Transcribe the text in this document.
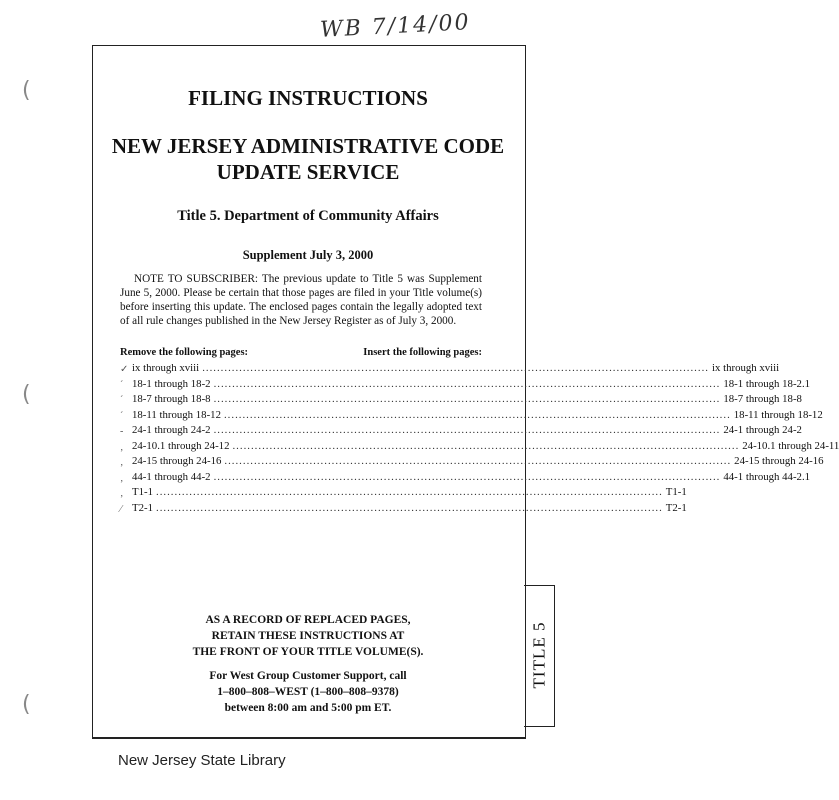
WB 7/14/00
(
(
(
FILING INSTRUCTIONS
NEW JERSEY ADMINISTRATIVE CODE
UPDATE SERVICE
Title 5. Department of Community Affairs
Supplement July 3, 2000
NOTE TO SUBSCRIBER: The previous update to Title 5 was Supplement June 5, 2000. Please be certain that those pages are filed in your Title volume(s) before inserting this update. The enclosed pages contain the legally adopted text of all rule changes published in the New Jersey Register as of July 3, 2000.
Remove the following pages:	Insert the following pages:
✓ ix through xviii ......................................................................................................................................... ix through xviii
´ 18-1 through 18-2 ......................................................................................................................................... 18-1 through 18-2.1
´ 18-7 through 18-8 ......................................................................................................................................... 18-7 through 18-8
´ 18-11 through 18-12 ......................................................................................................................................... 18-11 through 18-12
- 24-1 through 24-2 ......................................................................................................................................... 24-1 through 24-2
‚ 24-10.1 through 24-12 ......................................................................................................................................... 24-10.1 through 24-11
‚ 24-15 through 24-16 ......................................................................................................................................... 24-15 through 24-16
‚ 44-1 through 44-2 ......................................................................................................................................... 44-1 through 44-2.1
‚ T1-1 ......................................................................................................................................... T1-1
⁄ T2-1 ......................................................................................................................................... T2-1
AS A RECORD OF REPLACED PAGES,
RETAIN THESE INSTRUCTIONS AT
THE FRONT OF YOUR TITLE VOLUME(S).
For West Group Customer Support, call
1–800–808–WEST (1–800–808–9378)
between 8:00 am and 5:00 pm ET.
TITLE 5
New Jersey State Library
